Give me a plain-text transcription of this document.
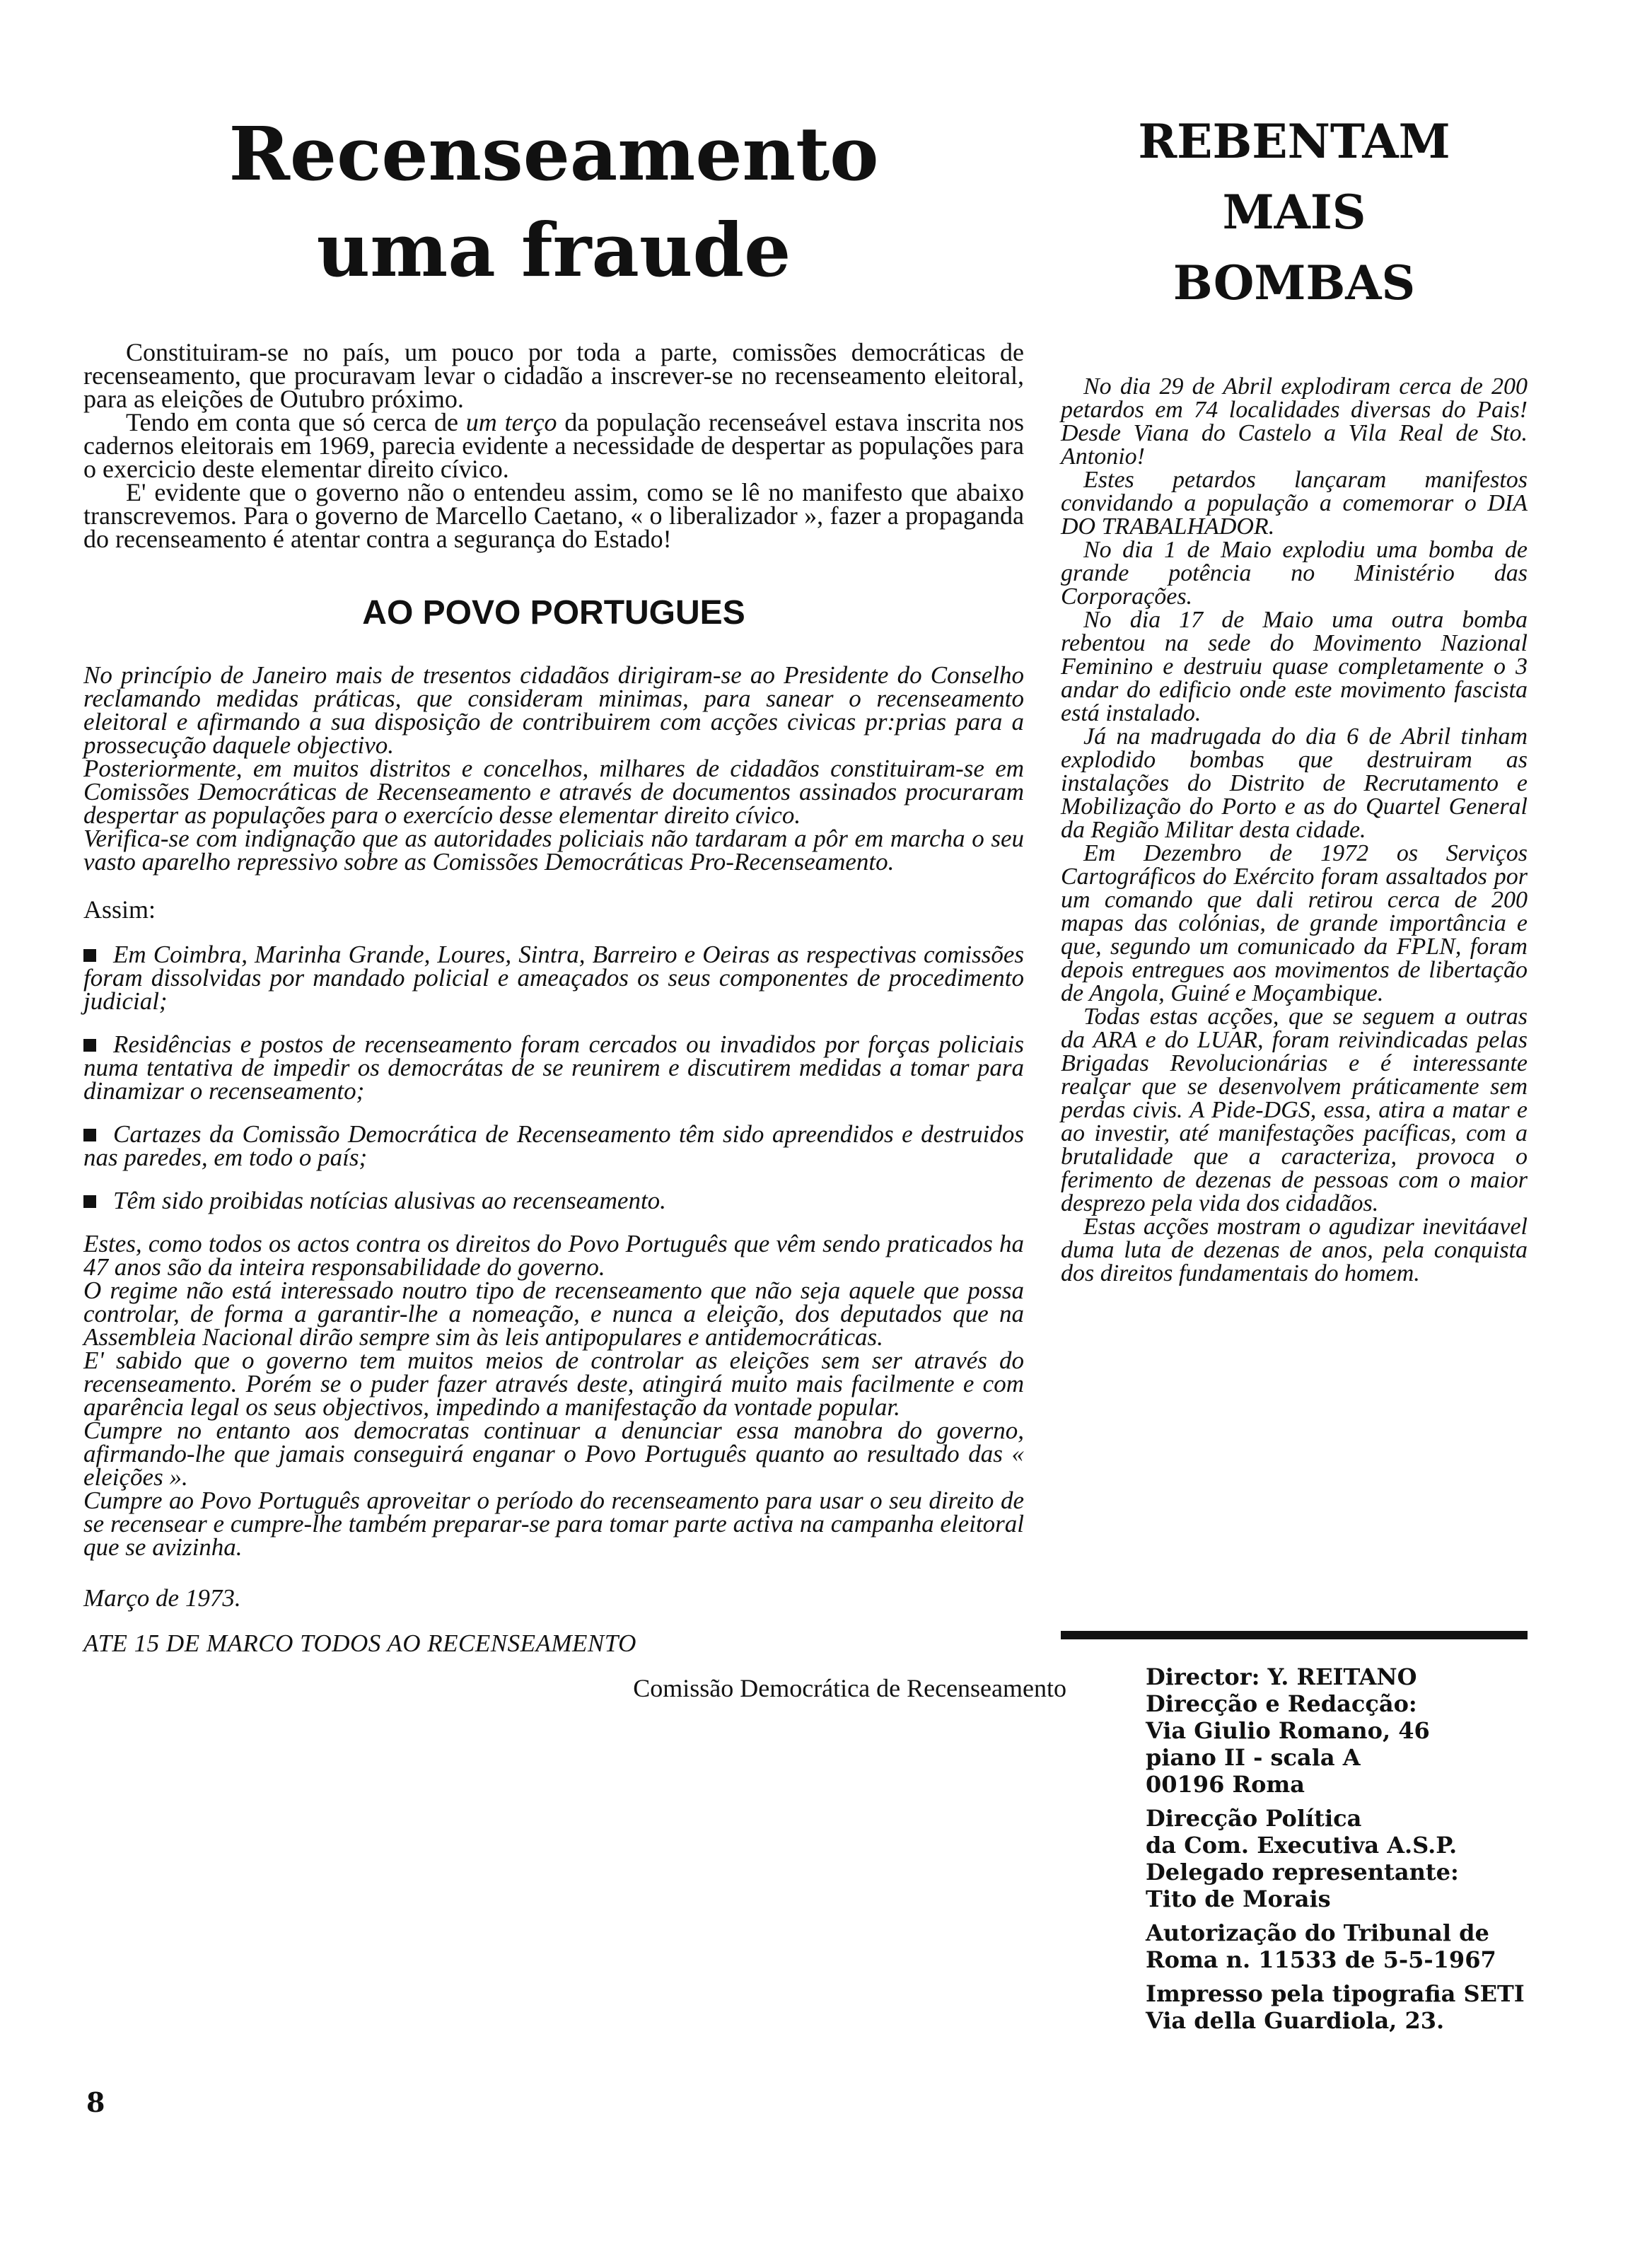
Recenseamento
uma fraude

Constituiram-se no país, um pouco por toda a parte, comissões democráticas de recenseamento, que procuravam levar o cidadão a inscrever-se no recenseamento eleitoral, para as eleições de Outubro próximo.

Tendo em conta que só cerca de um terço da população recenseável estava inscrita nos cadernos eleitorais em 1969, parecia evidente a necessidade de despertar as populações para o exercicio deste elementar direito cívico.

E' evidente que o governo não o entendeu assim, como se lê no manifesto que abaixo transcrevemos. Para o governo de Marcello Caetano, « o liberalizador », fazer a propaganda do recenseamento é atentar contra a segurança do Estado!

AO POVO PORTUGUES

No princípio de Janeiro mais de tresentos cidadãos dirigiram-se ao Presidente do Conselho reclamando medidas práticas, que consideram minimas, para sanear o recenseamento eleitoral e afirmando a sua disposição de contribuirem com acções civicas pr:prias para a prossecução daquele objectivo.

Posteriormente, em muitos distritos e concelhos, milhares de cidadãos constituiram-se em Comissões Democráticas de Recenseamento e através de documentos assinados procuraram despertar as populações para o exercício desse elementar direito cívico.

Verifica-se com indignação que as autoridades policiais não tardaram a pôr em marcha o seu vasto aparelho repressivo sobre as Comissões Democráticas Pro-Recenseamento.

Assim:
Em Coimbra, Marinha Grande, Loures, Sintra, Barreiro e Oeiras as respectivas comissões foram dissolvidas por mandado policial e ameaçados os seus componentes de procedimento judicial;
Residências e postos de recenseamento foram cercados ou invadidos por forças policiais numa tentativa de impedir os democrátas de se reunirem e discutirem medidas a tomar para dinamizar o recenseamento;
Cartazes da Comissão Democrática de Recenseamento têm sido apreendidos e destruidos nas paredes, em todo o país;
Têm sido proibidas notícias alusivas ao recenseamento.

Estes, como todos os actos contra os direitos do Povo Português que vêm sendo praticados ha 47 anos são da inteira responsabilidade do governo.

O regime não está interessado noutro tipo de recenseamento que não seja aquele que possa controlar, de forma a garantir-lhe a nomeação, e nunca a eleição, dos deputados que na Assembleia Nacional dirão sempre sim às leis antipopulares e antidemocráticas.

E' sabido que o governo tem muitos meios de controlar as eleições sem ser através do recenseamento. Porém se o puder fazer através deste, atingirá muito mais facilmente e com aparência legal os seus objectivos, impedindo a manifestação da vontade popular.

Cumpre no entanto aos democratas continuar a denunciar essa manobra do governo, afirmando-lhe que jamais conseguirá enganar o Povo Português quanto ao resultado das « eleições ».

Cumpre ao Povo Português aproveitar o período do recenseamento para usar o seu direito de se recensear e cumpre-lhe também preparar-se para tomar parte activa na campanha eleitoral que se avizinha.

Março de 1973.
ATE 15 DE MARCO TODOS AO RECENSEAMENTO
Comissão Democrática de Recenseamento
REBENTAM
MAIS
BOMBAS

No dia 29 de Abril explodiram cerca de 200 petardos em 74 localidades diversas do Pais! Desde Viana do Castelo a Vila Real de Sto. Antonio!

Estes petardos lançaram manifestos convidando a população a comemorar o DIA DO TRABALHADOR.

No dia 1 de Maio explodiu uma bomba de grande potência no Ministério das Corporações.

No dia 17 de Maio uma outra bomba rebentou na sede do Movimento Nazional Feminino e destruiu quase completamente o 3 andar do edificio onde este movimento fascista está instalado.

Já na madrugada do dia 6 de Abril tinham explodido bombas que destruiram as instalações do Distrito de Recrutamento e Mobilização do Porto e as do Quartel General da Região Militar desta cidade.

Em Dezembro de 1972 os Serviços Cartográficos do Exército foram assaltados por um comando que dali retirou cerca de 200 mapas das colónias, de grande importância e que, segundo um comunicado da FPLN, foram depois entregues aos movimentos de libertação de Angola, Guiné e Moçambique.

Todas estas acções, que se seguem a outras da ARA e do LUAR, foram reivindicadas pelas Brigadas Revolucionárias e é interessante realçar que se desenvolvem práticamente sem perdas civis. A Pide-DGS, essa, atira a matar e ao investir, até manifestações pacíficas, com a brutalidade que a caracteriza, provoca o ferimento de dezenas de pessoas com o maior desprezo pela vida dos cidadãos.

Estas acções mostram o agudizar inevitáavel duma luta de dezenas de anos, pela conquista dos direitos fundamentais do homem.

Director: Y. REITANO
Direcção e Redacção:
Via Giulio Romano, 46
piano II - scala A
00196 Roma
Direcção Política
da Com. Executiva A.S.P.
Delegado representante:
Tito de Morais
Autorização do Tribunal de
Roma n. 11533 de 5-5-1967
Impresso pela tipografia SETI
Via della Guardiola, 23.
8
